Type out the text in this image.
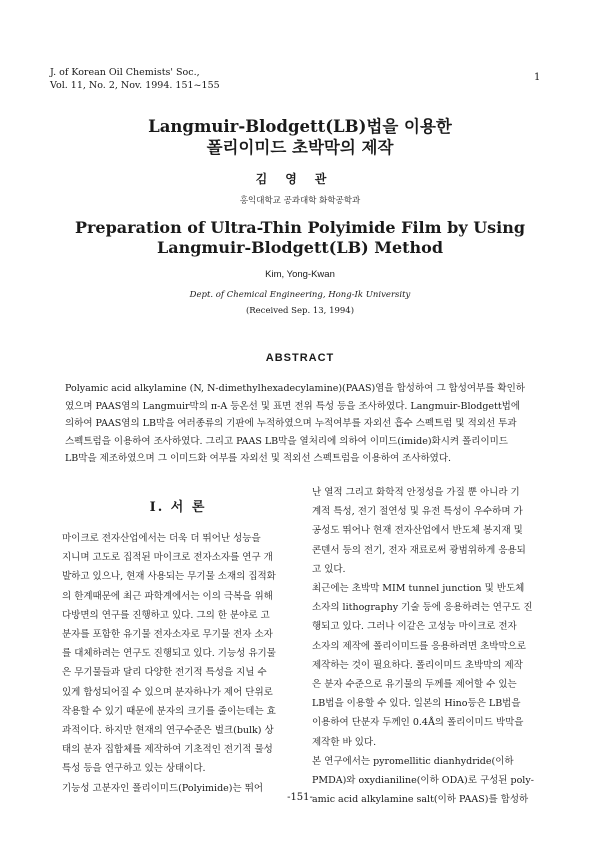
J. of Korean Oil Chemists' Soc.,
Vol. 11, No. 2, Nov. 1994. 151~155
1
Langmuir-Blodgett(LB)법을 이용한
폴리이미드 초박막의 제작
김영관
홍익대학교 공과대학 화학공학과
Preparation of Ultra-Thin Polyimide Film by Using
Langmuir-Blodgett(LB) Method
Kim, Yong-Kwan
Dept. of Chemical Engineering, Hong-Ik University
(Received Sep. 13, 1994)
ABSTRACT
Polyamic acid alkylamine (N, N-dimethylhexadecylamine)(PAAS)염을 합성하여 그 합성여부를 확인하
였으며 PAAS염의 Langmuir막의 π-A 등온선 및 표면 전위 특성 등을 조사하였다. Langmuir-Blodgett법에
의하여 PAAS염의 LB막을 여러종류의 기판에 누적하였으며 누적여부를 자외선 흡수 스펙트럼 및 적외선 투과
스펙트럼을 이용하여 조사하였다. 그리고 PAAS LB막을 열처리에 의하여 이미드(imide)화시켜 폴리이미드
LB막을 제조하였으며 그 이미드화 여부를 자외선 및 적외선 스펙트럼을 이용하여 조사하였다.
I. 서 론
마이크로 전자산업에서는 더욱 더 뛰어난 성능을
지니며 고도로 집적된 마이크로 전자소자를 연구 개
발하고 있으나, 현재 사용되는 무기물 소재의 집적화
의 한계때문에 최근 파학계에서는 이의 극복을 위해
다방면의 연구를 진행하고 있다. 그의 한 분야로 고
분자를 포함한 유기물 전자소자로 무기물 전자 소자
를 대체하려는 연구도 진행되고 있다. 기능성 유기물
은 무기물들과 달리 다양한 전기적 특성을 지닐 수
있게 합성되어질 수 있으며 분자하나가 제어 단위로
작용할 수 있기 때문에 분자의 크기를 줄이는데는 효
과적이다. 하지만 현재의 연구수준은 벌크(bulk) 상
태의 분자 집합체를 제작하여 기초적인 전기적 물성
특성 등을 연구하고 있는 상태이다.
기능성 고분자인 폴리이미드(Polyimide)는 뛰어
난 열적 그리고 화학적 안정성을 가질 뿐 아니라 기
계적 특성, 전기 절연성 및 유전 특성이 우수하며 가
공성도 뛰어나 현재 전자산업에서 반도체 봉지재 및
콘덴서 등의 전기, 전자 재료로써 광범위하게 응용되
고 있다.
최근에는 초박막 MIM tunnel junction 및 반도체
소자의 lithography 기술 등에 응용하려는 연구도 진
행되고 있다. 그러나 이같은 고성능 마이크로 전자
소자의 제작에 폴리이미드를 응용하려면 초박막으로
제작하는 것이 필요하다. 폴리이미드 초박막의 제작
은 분자 수준으로 유기물의 두께를 제어할 수 있는
LB법을 이용할 수 있다. 일본의 Hino등은 LB법을
이용하여 단분자 두께인 0.4Å의 폴리이미드 박막을
제작한 바 있다.
본 연구에서는 pyromellitic dianhydride(이하
PMDA)와 oxydianiline(이하 ODA)로 구성된 poly-
amic acid alkylamine salt(이하 PAAS)를 합성하
-151-
